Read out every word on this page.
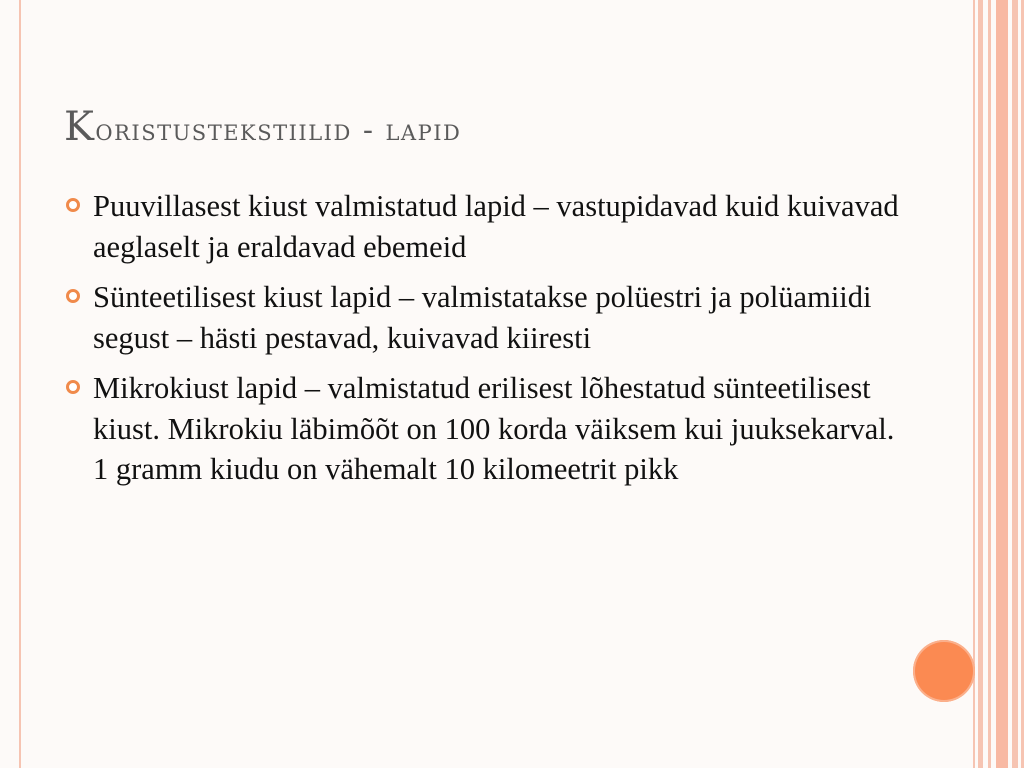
Koristustekstiilid - lapid
Puuvillasest kiust valmistatud lapid – vastupidavad kuid kuivavad aeglaselt ja eraldavad ebemeid
Sünteetilisest kiust lapid – valmistatakse polüestri ja polüamiidi segust – hästi pestavad, kuivavad kiiresti
Mikrokiust lapid – valmistatud erilisest lõhestatud sünteetilisest kiust. Mikrokiu läbimõõt on 100 korda väiksem kui juuksekarval. 1 gramm kiudu on vähemalt 10 kilomeetrit pikk
